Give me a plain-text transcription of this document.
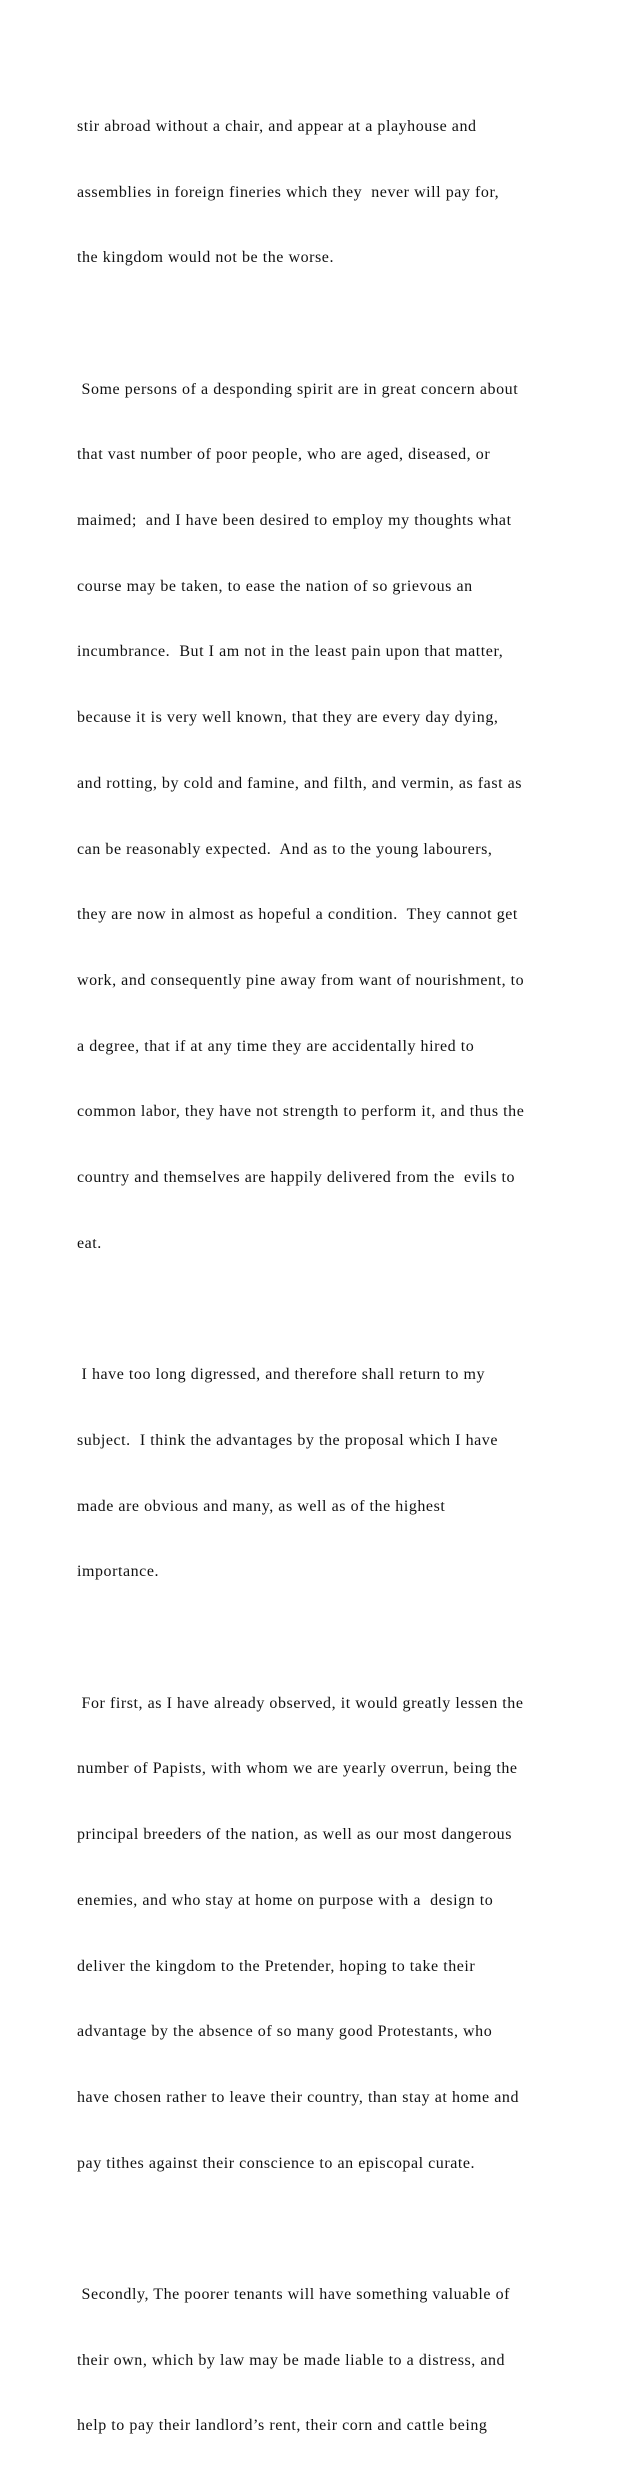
stir abroad without a chair, and appear at a playhouse and

assemblies in foreign fineries which they  never will pay for,

the kingdom would not be the worse.

Some persons of a desponding spirit are in great concern about

that vast number of poor people, who are aged, diseased, or

maimed;  and I have been desired to employ my thoughts what

course may be taken, to ease the nation of so grievous an

incumbrance.  But I am not in the least pain upon that matter,

because it is very well known, that they are every day dying,

and rotting, by cold and famine, and filth, and vermin, as fast as

can be reasonably expected.  And as to the young labourers,

they are now in almost as hopeful a condition.  They cannot get

work, and consequently pine away from want of nourishment, to

a degree, that if at any time they are accidentally hired to

common labor, they have not strength to perform it, and thus the

country and themselves are happily delivered from the  evils to

eat.

I have too long digressed, and therefore shall return to my

subject.  I think the advantages by the proposal which I have

made are obvious and many, as well as of the highest

importance.

For first, as I have already observed, it would greatly lessen the

number of Papists, with whom we are yearly overrun, being the

principal breeders of the nation, as well as our most dangerous

enemies, and who stay at home on purpose with a  design to

deliver the kingdom to the Pretender, hoping to take their

advantage by the absence of so many good Protestants, who

have chosen rather to leave their country, than stay at home and

pay tithes against their conscience to an episcopal curate.

Secondly, The poorer tenants will have something valuable of

their own, which by law may be made liable to a distress, and

help to pay their landlord’s rent, their corn and cattle being
